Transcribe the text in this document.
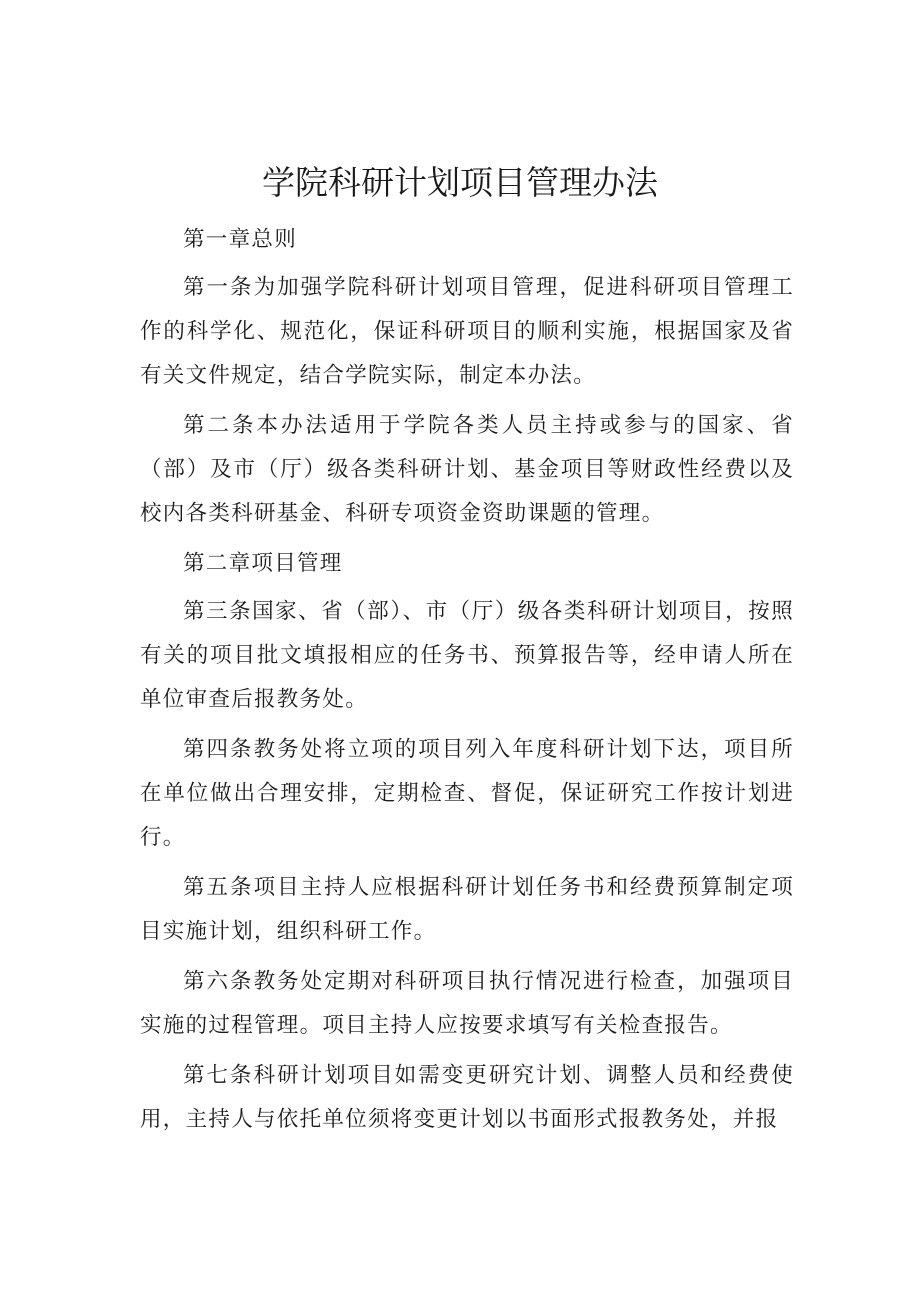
学院科研计划项目管理办法

第一章总则

第一条为加强学院科研计划项目管理，促进科研项目管理工作的科学化、规范化，保证科研项目的顺利实施，根据国家及省有关文件规定，结合学院实际，制定本办法。

第二条本办法适用于学院各类人员主持或参与的国家、省（部）及市（厅）级各类科研计划、基金项目等财政性经费以及校内各类科研基金、科研专项资金资助课题的管理。

第二章项目管理

第三条国家、省（部）、市（厅）级各类科研计划项目，按照有关的项目批文填报相应的任务书、预算报告等，经申请人所在单位审查后报教务处。

第四条教务处将立项的项目列入年度科研计划下达，项目所在单位做出合理安排，定期检查、督促，保证研究工作按计划进行。

第五条项目主持人应根据科研计划任务书和经费预算制定项目实施计划，组织科研工作。

第六条教务处定期对科研项目执行情况进行检查，加强项目实施的过程管理。项目主持人应按要求填写有关检查报告。

第七条科研计划项目如需变更研究计划、调整人员和经费使用，主持人与依托单位须将变更计划以书面形式报教务处，并报
